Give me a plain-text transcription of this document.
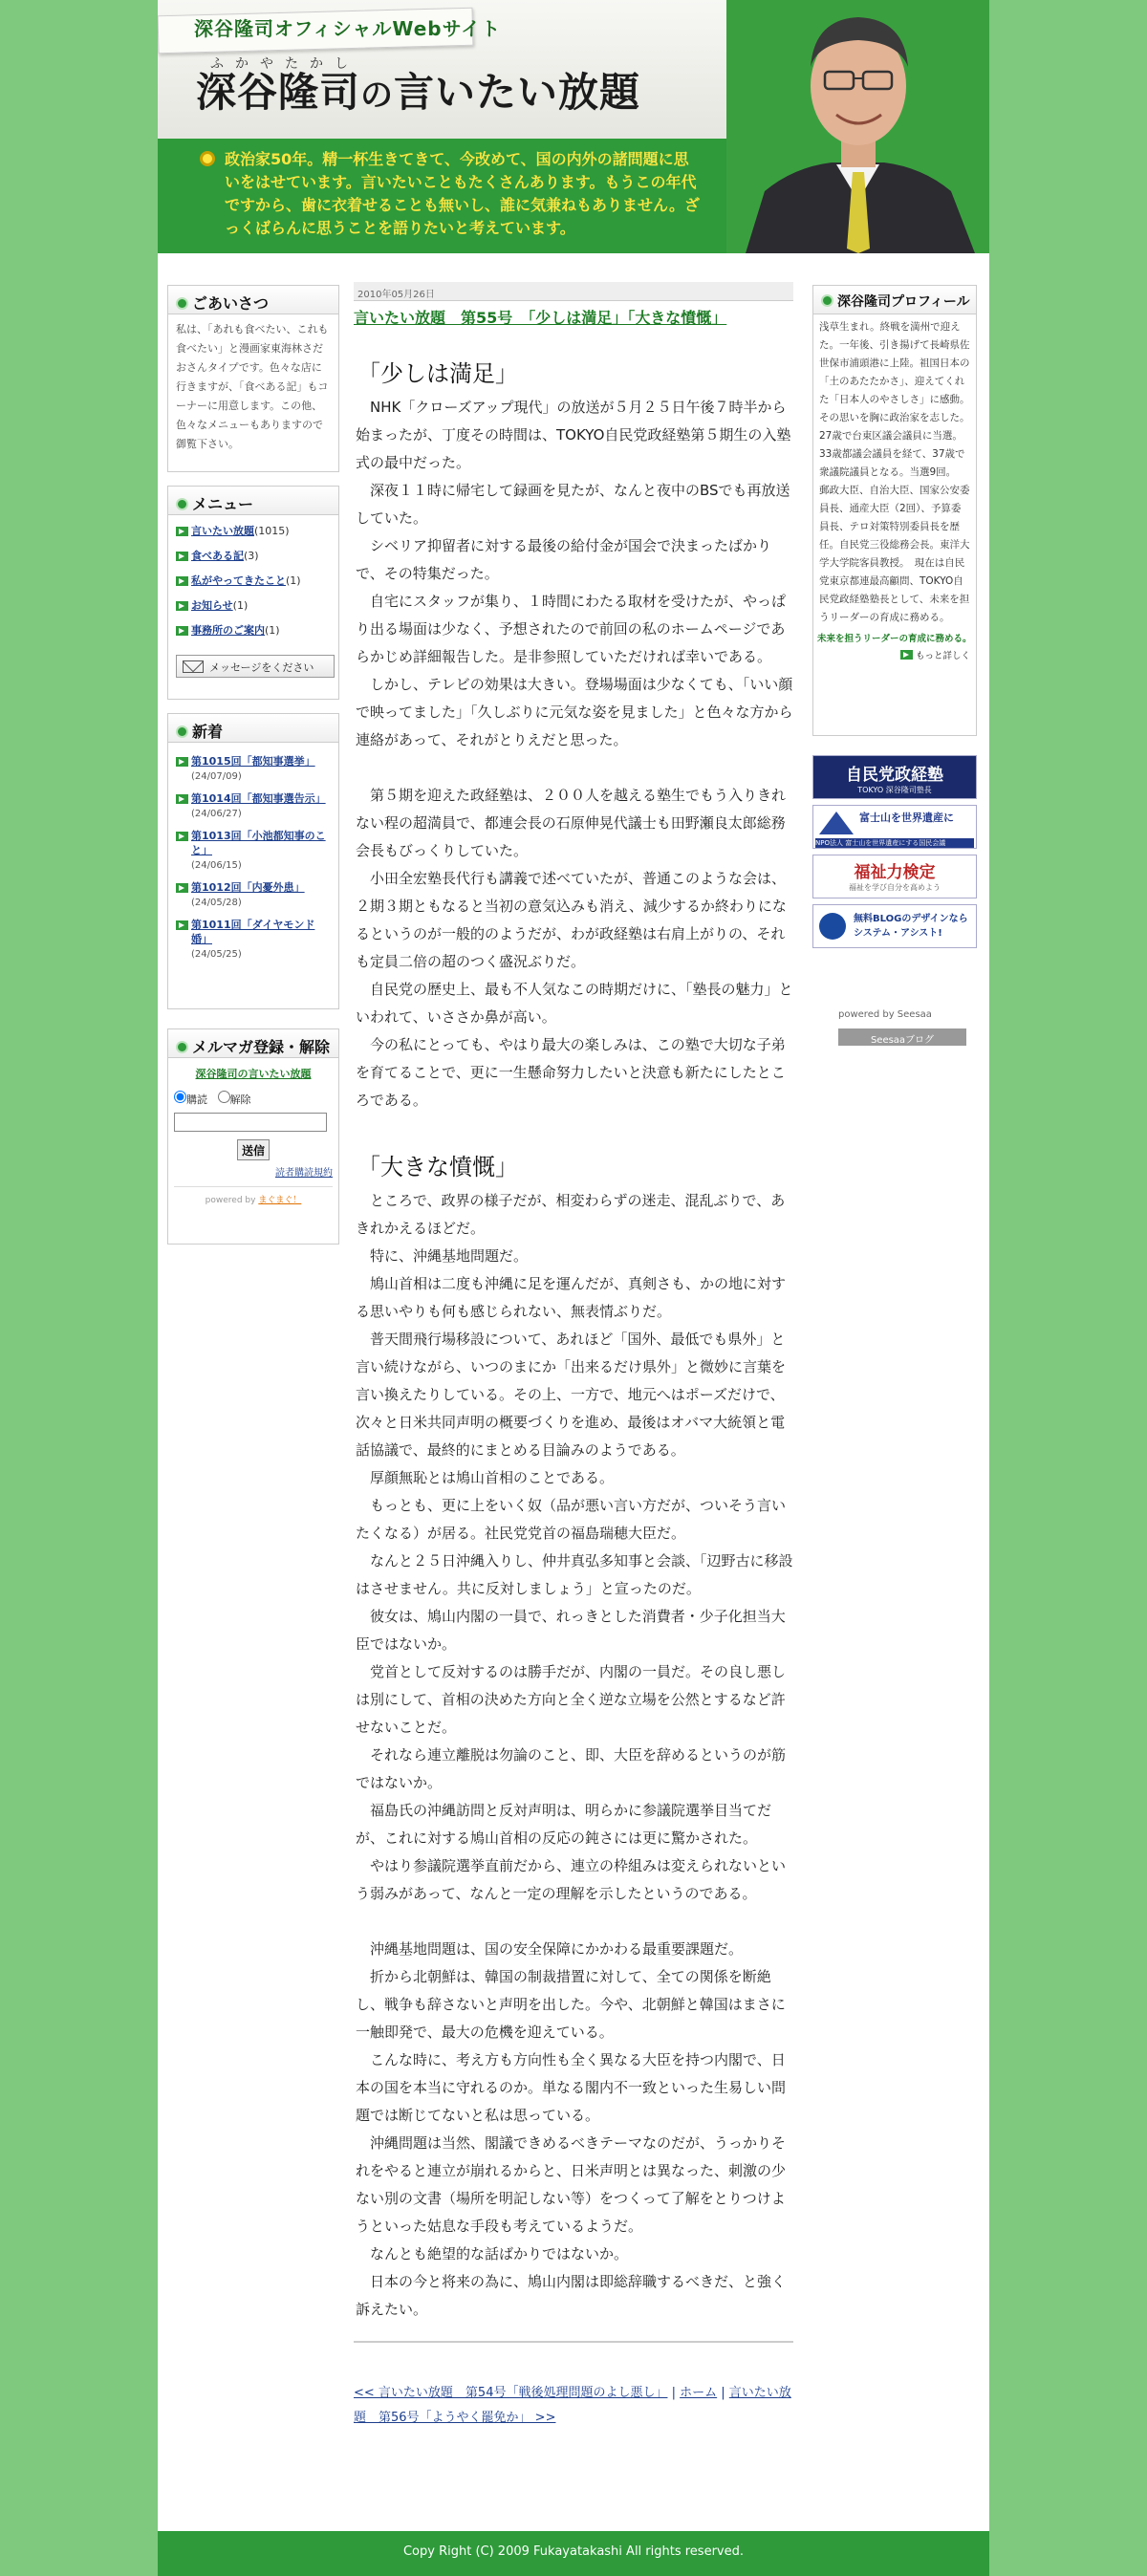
深谷隆司オフィシャルWebサイト
ふかやたかし
深谷隆司の言いたい放題
政治家50年。精一杯生きてきて、今改めて、国の内外の諸問題に思いをはせています。言いたいこともたくさんあります。もうこの年代ですから、歯に衣着せることも無いし、誰に気兼ねもありません。ざっくばらんに思うことを語りたいと考えています。
ごあいさつ
私は、「あれも食べたい、これも食べたい」と漫画家東海林さだおさんタイプです。色々な店に行きますが、「食べある記」もコーナーに用意します。この他、色々なメニューもありますので御覧下さい。
メニュー
言いたい放題(1015)
食べある記(3)
私がやってきたこと(1)
お知らせ(1)
事務所のご案内(1)
メッセージをください
新着
第1015回「都知事選挙」
(24/07/09)
第1014回「都知事選告示」
(24/06/27)
第1013回「小池都知事のこと」
(24/06/15)
第1012回「内憂外患」
(24/05/28)
第1011回「ダイヤモンド婚」
(24/05/25)
メルマガ登録・解除
深谷隆司の言いたい放題
購読 解除
送信
読者購読規約
powered by まぐまぐ！
2010年05月26日
言いたい放題　第55号　「少しは満足」「大きな憤慨」
「少しは満足」
　NHK「クローズアップ現代」の放送が５月２５日午後７時半から始まったが、丁度その時間は、TOKYO自民党政経塾第５期生の入塾式の最中だった。
　深夜１１時に帰宅して録画を見たが、なんと夜中のBSでも再放送していた。
　シベリア抑留者に対する最後の給付金が国会で決まったばかりで、その特集だった。
　自宅にスタッフが集り、１時間にわたる取材を受けたが、やっぱり出る場面は少なく、予想されたので前回の私のホームページであらかじめ詳細報告した。是非参照していただければ幸いである。
　しかし、テレビの効果は大きい。登場場面は少なくても、「いい顔で映ってました」「久しぶりに元気な姿を見ました」と色々な方から連絡があって、それがとりえだと思った。
　第５期を迎えた政経塾は、２００人を越える塾生でもう入りきれない程の超満員で、都連会長の石原伸晃代議士も田野瀬良太郎総務会長もびっくりしていた。
　小田全宏塾長代行も講義で述べていたが、普通このような会は、２期３期ともなると当初の意気込みも消え、減少するか終わりになるというのが一般的のようだが、わが政経塾は右肩上がりの、それも定員二倍の超のつく盛況ぶりだ。
　自民党の歴史上、最も不人気なこの時期だけに、「塾長の魅力」といわれて、いささか鼻が高い。
　今の私にとっても、やはり最大の楽しみは、この塾で大切な子弟を育てることで、更に一生懸命努力したいと決意も新たにしたところである。
「大きな憤慨」
　ところで、政界の様子だが、相変わらずの迷走、混乱ぶりで、あきれかえるほどだ。
　特に、沖縄基地問題だ。
　鳩山首相は二度も沖縄に足を運んだが、真剣さも、かの地に対する思いやりも何も感じられない、無表情ぶりだ。
　普天間飛行場移設について、あれほど「国外、最低でも県外」と言い続けながら、いつのまにか「出来るだけ県外」と微妙に言葉を言い換えたりしている。その上、一方で、地元へはポーズだけで、次々と日米共同声明の概要づくりを進め、最後はオバマ大統領と電話協議で、最終的にまとめる目論みのようである。
　厚顔無恥とは鳩山首相のことである。
　もっとも、更に上をいく奴（品が悪い言い方だが、ついそう言いたくなる）が居る。社民党党首の福島瑞穂大臣だ。
　なんと２５日沖縄入りし、仲井真弘多知事と会談、「辺野古に移設はさせません。共に反対しましょう」と宣ったのだ。
　彼女は、鳩山内閣の一員で、れっきとした消費者・少子化担当大臣ではないか。
　党首として反対するのは勝手だが、内閣の一員だ。その良し悪しは別にして、首相の決めた方向と全く逆な立場を公然とするなど許せないことだ。
　それなら連立離脱は勿論のこと、即、大臣を辞めるというのが筋ではないか。
　福島氏の沖縄訪問と反対声明は、明らかに参議院選挙目当てだが、これに対する鳩山首相の反応の鈍さには更に驚かされた。
　やはり参議院選挙直前だから、連立の枠組みは変えられないという弱みがあって、なんと一定の理解を示したというのである。
　沖縄基地問題は、国の安全保障にかかわる最重要課題だ。
　折から北朝鮮は、韓国の制裁措置に対して、全ての関係を断絶し、戦争も辞さないと声明を出した。今や、北朝鮮と韓国はまさに一触即発で、最大の危機を迎えている。
　こんな時に、考え方も方向性も全く異なる大臣を持つ内閣で、日本の国を本当に守れるのか。単なる閣内不一致といった生易しい問題では断じてないと私は思っている。
　沖縄問題は当然、閣議できめるべきテーマなのだが、うっかりそれをやると連立が崩れるからと、日米声明とは異なった、刺激の少ない別の文書（場所を明記しない等）をつくって了解をとりつけようといった姑息な手段も考えているようだ。
　なんとも絶望的な話ばかりではないか。
　日本の今と将来の為に、鳩山内閣は即総辞職するべきだ、と強く訴えたい。
<< 言いたい放題　第54号「戦後処理問題のよし悪し」 | ホーム | 言いたい放題　第56号「ようやく罷免か」 >>
深谷隆司プロフィール
浅草生まれ。終戦を満州で迎えた。一年後、引き揚げて長崎県佐世保市浦頭港に上陸。祖国日本の「土のあたたかさ」、迎えてくれた「日本人のやさしさ」に感動。その思いを胸に政治家を志した。　27歳で台東区議会議員に当選。33歳都議会議員を経て、37歳で衆議院議員となる。当選9回。　郵政大臣、自治大臣、国家公安委員長、通産大臣（2回）、予算委員長、テロ対策特別委員長を歴任。自民党三役総務会長。東洋大学大学院客員教授。　現在は自民党東京都連最高顧問、TOKYO自民党政経塾塾長として、未来を担うリーダーの育成に務める。
未来を担うリーダーの育成に務める。
もっと詳しく
自民党政経塾
TOKYO 深谷隆司塾長
富士山を世界遺産に
NPO法人 富士山を世界遺産にする国民会議
福祉力検定
福祉を学び自分を高めよう
無料BLOGのデザインならシステム・アシスト!
powered by Seesaa
Seesaaブログ
Copy Right (C) 2009 Fukayatakashi All rights reserved.
